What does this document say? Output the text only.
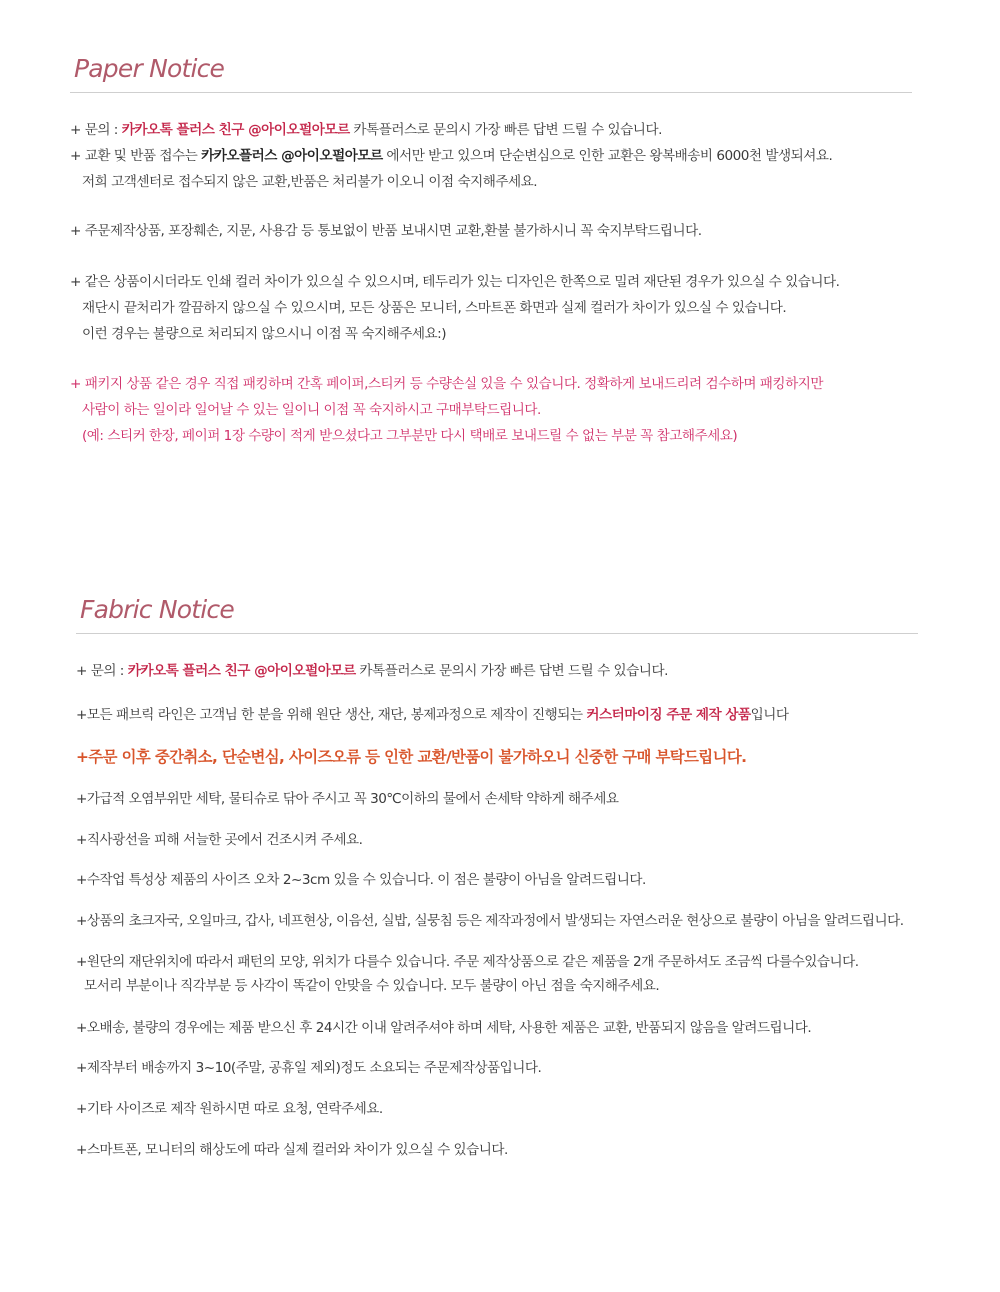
Paper Notice
+ 문의 : 카카오톡 플러스 친구 @아이오펄아모르 카톡플러스로 문의시 가장 빠른 답변 드릴 수 있습니다.
+ 교환 및 반품 접수는 카카오플러스 @아이오펄아모르 에서만 받고 있으며 단순변심으로 인한 교환은 왕복배송비 6000천 발생되셔요.
저희 고객센터로 접수되지 않은 교환,반품은 처리불가 이오니 이점 숙지해주세요.
+ 주문제작상품, 포장훼손, 지문, 사용감 등 통보없이 반품 보내시면 교환,환불 불가하시니 꼭 숙지부탁드립니다.
+ 같은 상품이시더라도 인쇄 컬러 차이가 있으실 수 있으시며, 테두리가 있는 디자인은 한쪽으로 밀려 재단된 경우가 있으실 수 있습니다.
재단시 끝처리가 깔끔하지 않으실 수 있으시며, 모든 상품은 모니터, 스마트폰 화면과 실제 컬러가 차이가 있으실 수 있습니다.
이런 경우는 불량으로 처리되지 않으시니 이점 꼭 숙지해주세요:)
+ 패키지 상품 같은 경우 직접 패킹하며 간혹 페이퍼,스티커 등 수량손실 있을 수 있습니다. 정확하게 보내드리려 검수하며 패킹하지만
사람이 하는 일이라 일어날 수 있는 일이니 이점 꼭 숙지하시고 구매부탁드립니다.
(예: 스티커 한장, 페이퍼 1장 수량이 적게 받으셨다고 그부분만 다시 택배로 보내드릴 수 없는 부분 꼭 참고해주세요)
Fabric Notice
+ 문의 : 카카오톡 플러스 친구 @아이오펄아모르 카톡플러스로 문의시 가장 빠른 답변 드릴 수 있습니다.
+모든 패브릭 라인은 고객님 한 분을 위해 원단 생산, 재단, 봉제과정으로 제작이 진행되는 커스터마이징 주문 제작 상품입니다
+주문 이후 중간취소, 단순변심, 사이즈오류 등 인한 교환/반품이 불가하오니 신중한 구매 부탁드립니다.
+가급적 오염부위만 세탁, 물티슈로 닦아 주시고 꼭 30℃이하의 물에서 손세탁 약하게 해주세요
+직사광선을 피해 서늘한 곳에서 건조시켜 주세요.
+수작업 특성상 제품의 사이즈 오차 2~3cm 있을 수 있습니다. 이 점은 불량이 아님을 알려드립니다.
+상품의 초크자국, 오일마크, 갑사, 네프현상, 이음선, 실밥, 실뭉침 등은 제작과정에서 발생되는 자연스러운 현상으로 불량이 아님을 알려드립니다.
+원단의 재단위치에 따라서 패턴의 모양, 위치가 다를수 있습니다. 주문 제작상품으로 같은 제품을 2개 주문하셔도 조금씩 다를수있습니다.
모서리 부분이나 직각부분 등 사각이 똑같이 안맞을 수 있습니다. 모두 불량이 아닌 점을 숙지해주세요.
+오배송, 불량의 경우에는 제품 받으신 후 24시간 이내 알려주셔야 하며 세탁, 사용한 제품은 교환, 반품되지 않음을 알려드립니다.
+제작부터 배송까지 3~10(주말, 공휴일 제외)정도 소요되는 주문제작상품입니다.
+기타 사이즈로 제작 원하시면 따로 요청, 연락주세요.
+스마트폰, 모니터의 해상도에 따라 실제 컬러와 차이가 있으실 수 있습니다.
